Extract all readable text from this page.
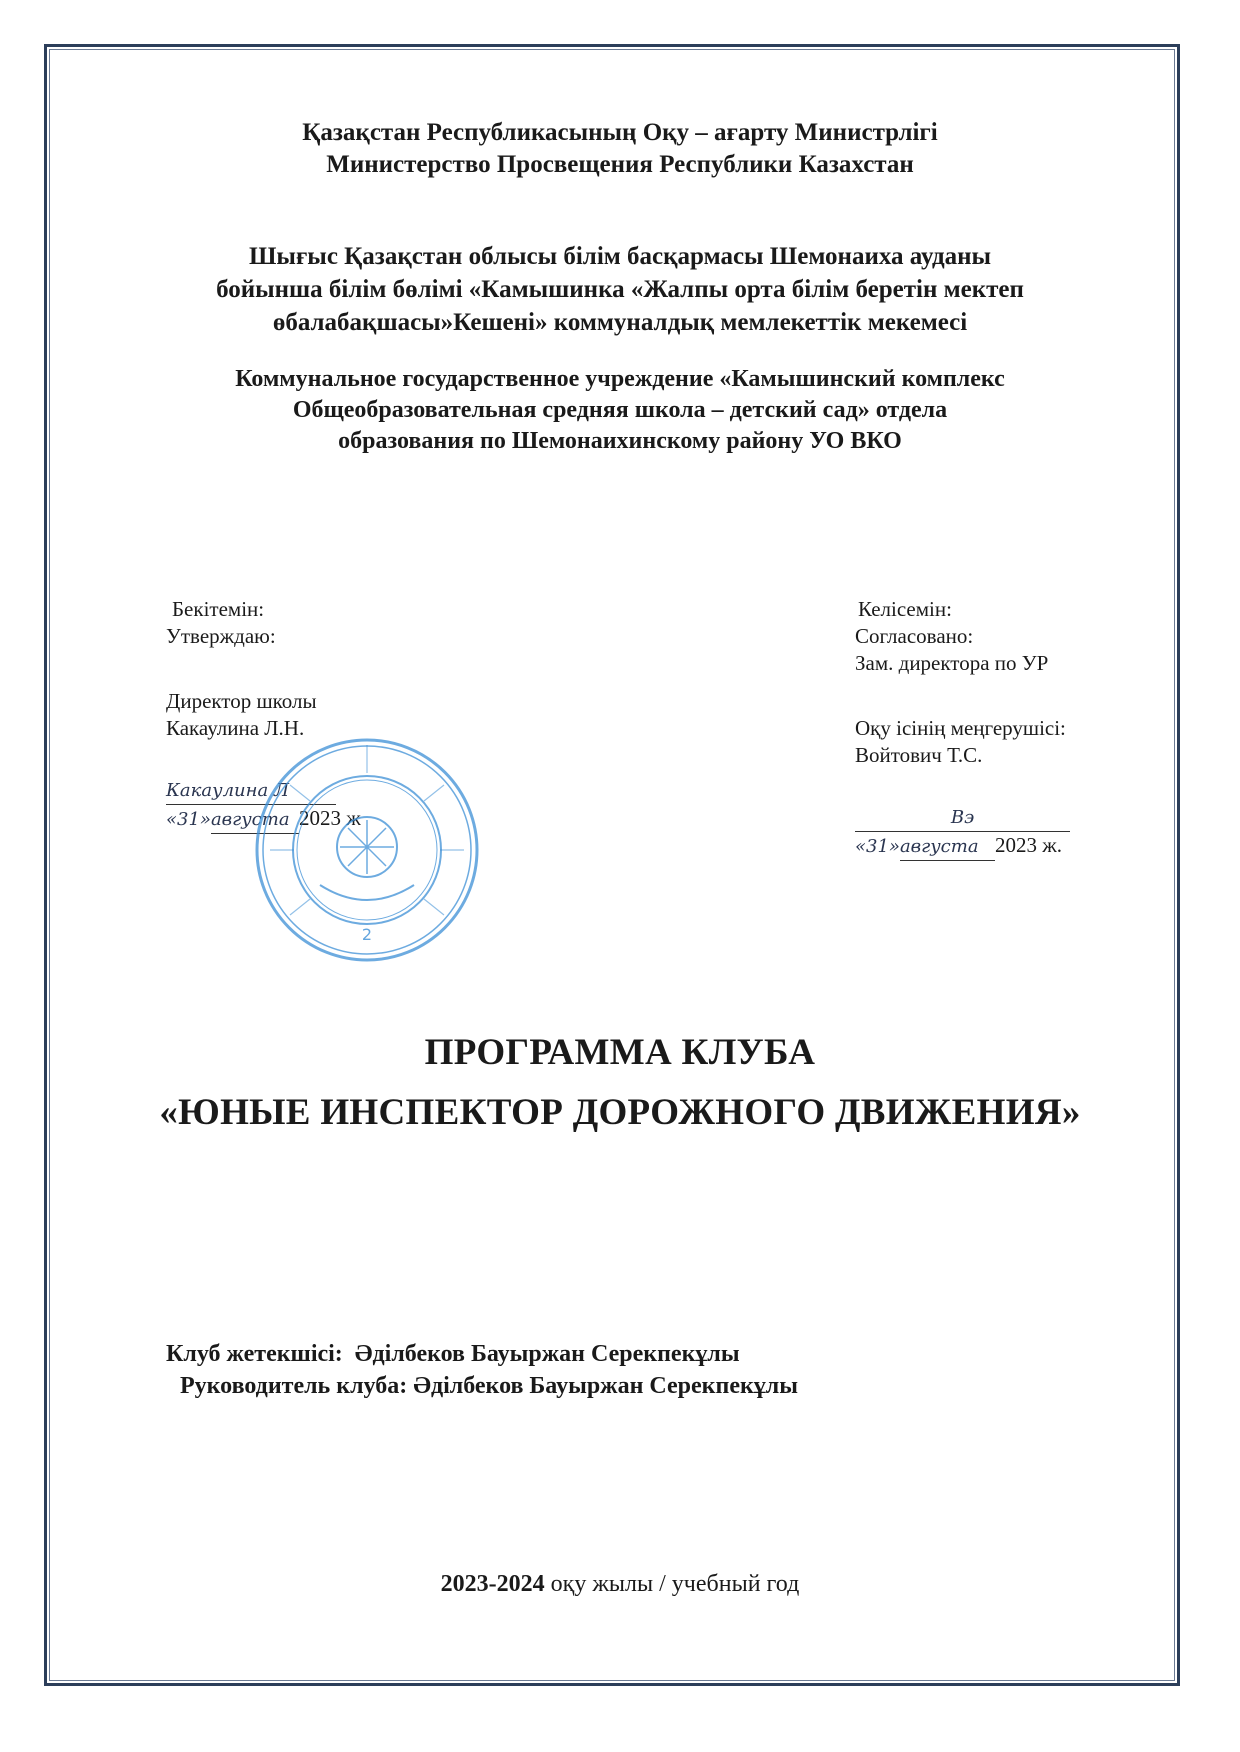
Қазақстан Республикасының Оқу – ағарту Министрлігі
Министерство Просвещения Республики Казахстан
Шығыс Қазақстан облысы білім басқармасы Шемонаиха ауданы
бойынша білім бөлімі «Камышинка «Жалпы орта білім беретін мектеп
өбалабақшасы»Кешені» коммуналдық мемлекеттік мекемесі
Коммунальное государственное учреждение «Камышинский комплекс
Общеобразовательная средняя школа – детский сад» отдела
образования по Шемонаихинскому району УО ВКО
Бекітемін:
Утверждаю:
Директор школы
Какаулина Л.Н.
Какаулина Л
«31»августа 2023 ж
Келісемін:
Согласовано:
Зам. директора по УР
Оқу ісінің меңгерушісі:
Войтович Т.С.
Вэ
«31»августа 2023 ж.
2
ПРОГРАММА КЛУБА
«ЮНЫЕ ИНСПЕКТОР ДОРОЖНОГО ДВИЖЕНИЯ»
Клуб жетекшісі:  Әділбеков Бауыржан Серекпекұлы
Руководитель клуба: Әділбеков Бауыржан Серекпекұлы
2023-2024 оқу жылы / учебный год
